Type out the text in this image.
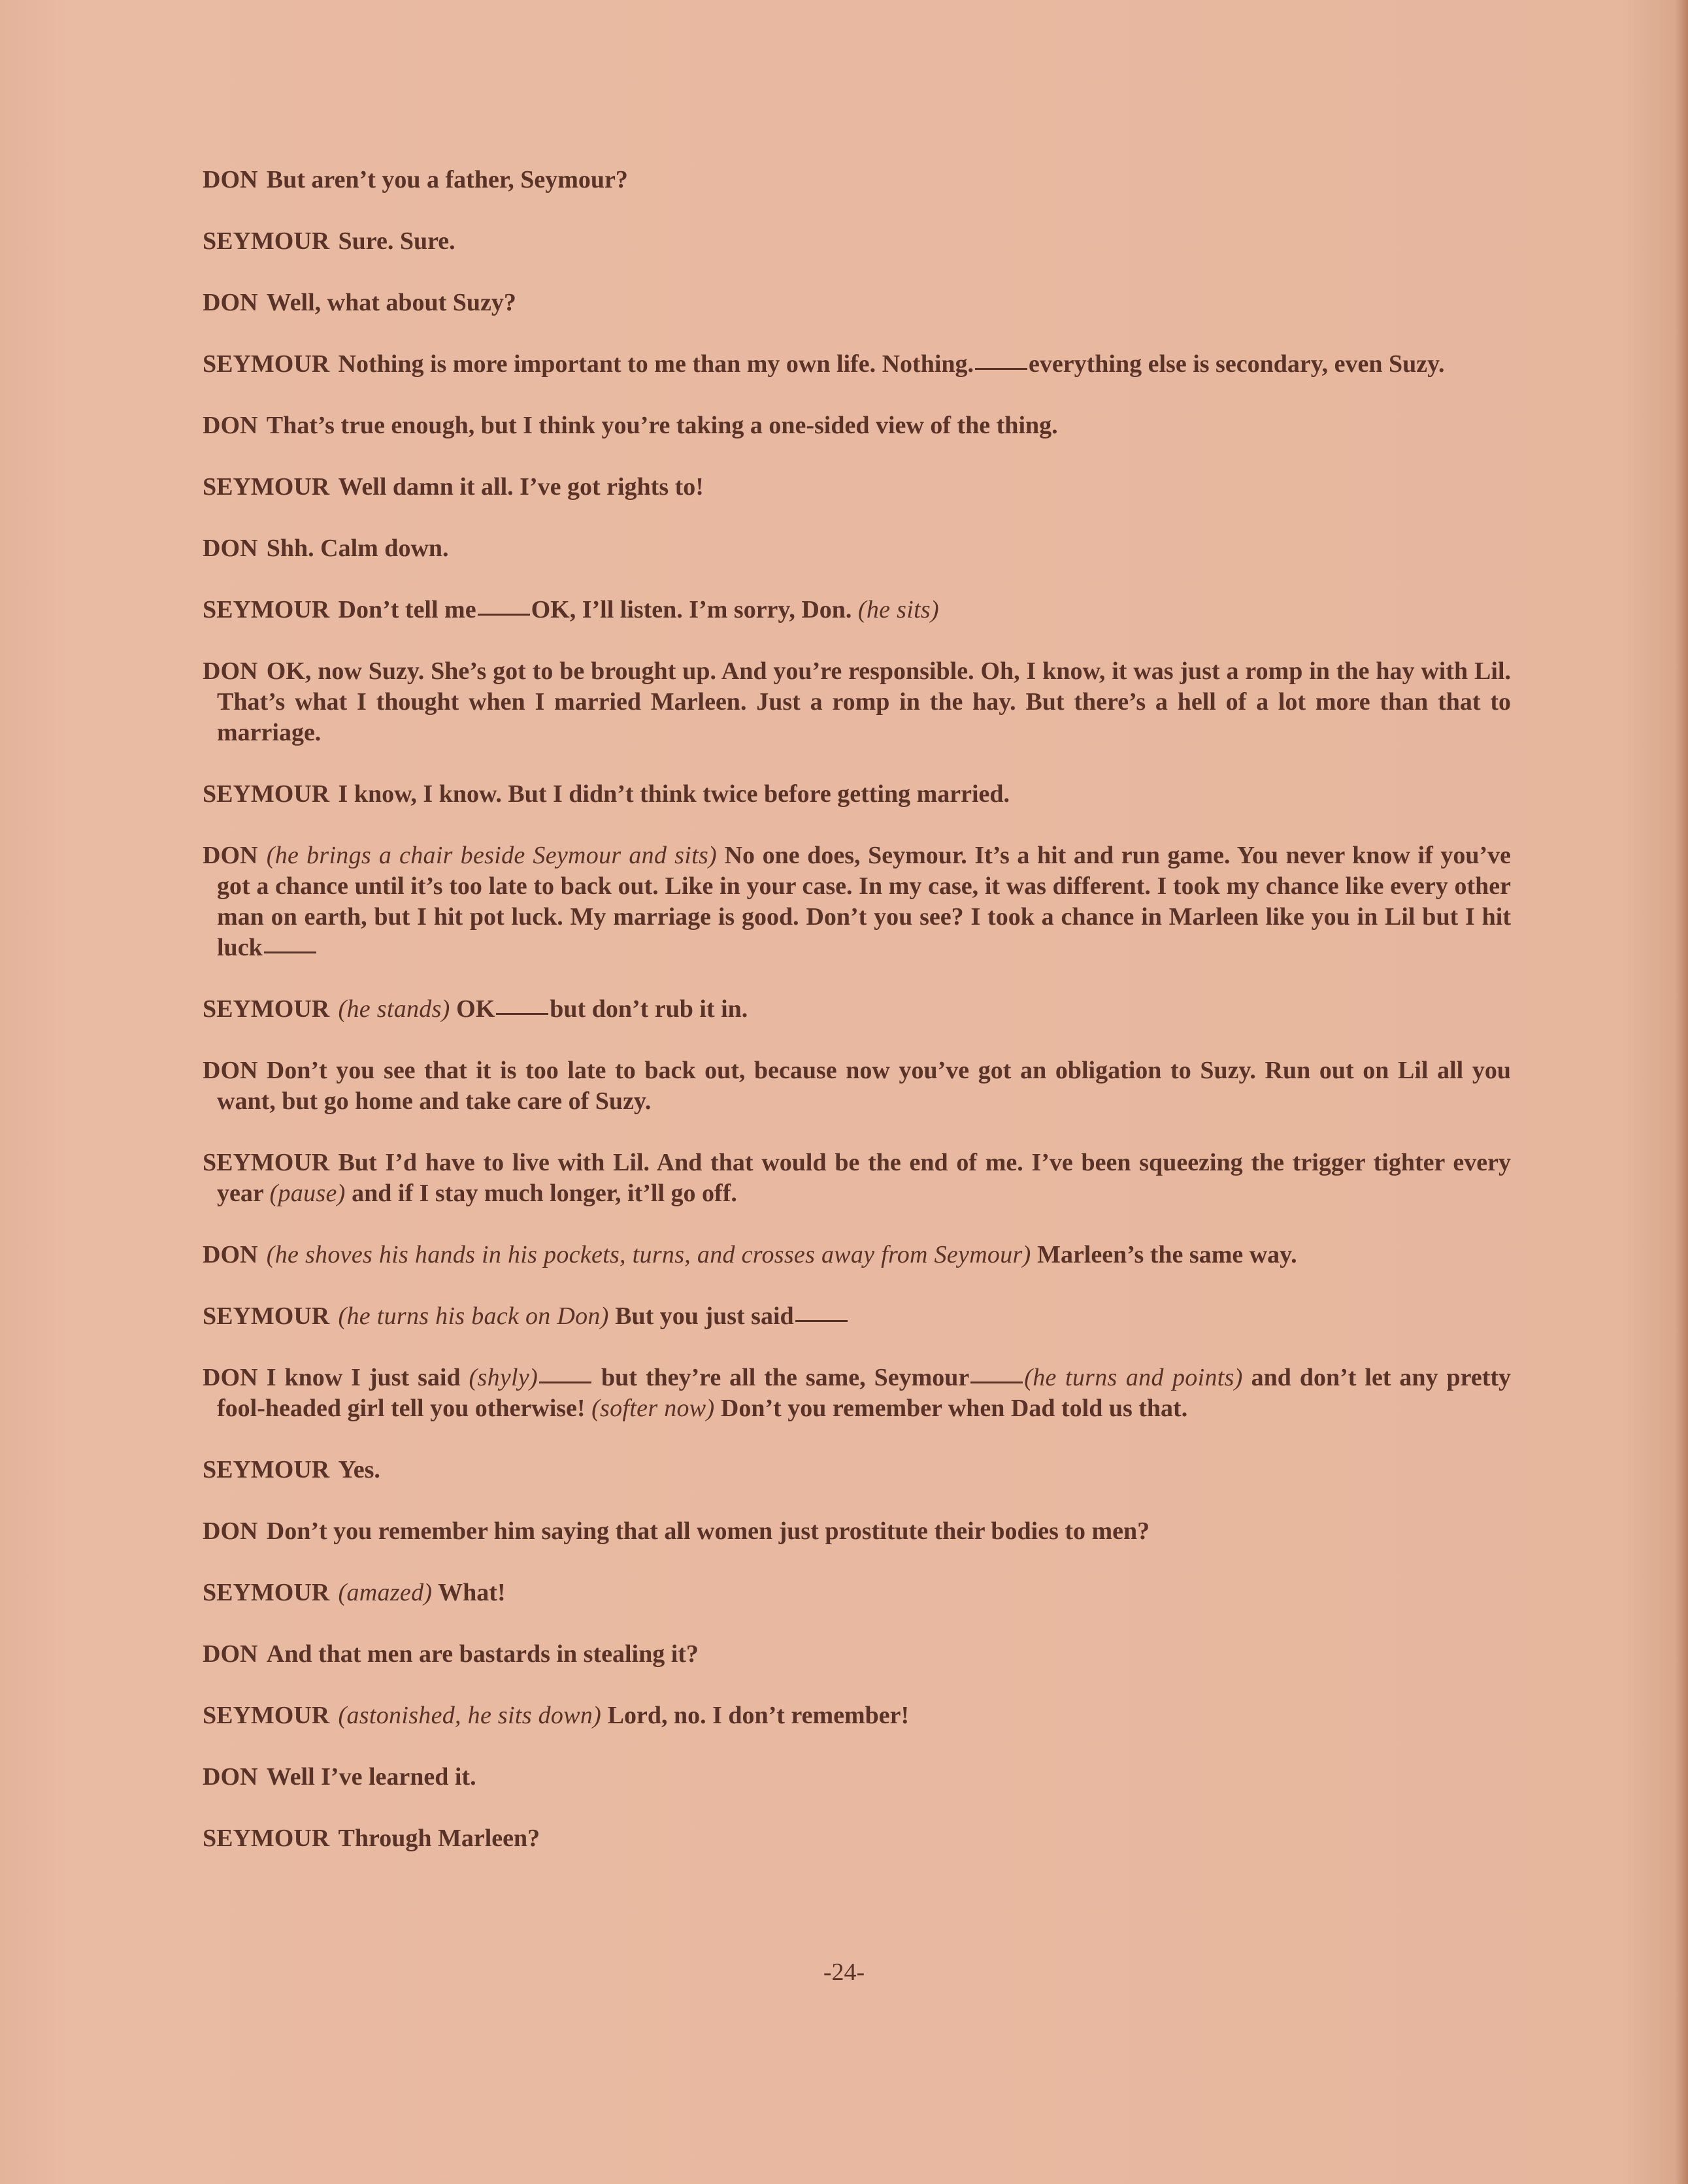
DON But aren’t you a father, Seymour?
SEYMOUR Sure. Sure.
DON Well, what about Suzy?
SEYMOUR Nothing is more important to me than my own life. Nothing. everything else is secondary, even Suzy.
DON That’s true enough, but I think you’re taking a one-sided view of the thing.
SEYMOUR Well damn it all. I’ve got rights to!
DON Shh. Calm down.
SEYMOUR Don’t tell me OK, I’ll listen. I’m sorry, Don. (he sits)
DON OK, now Suzy. She’s got to be brought up. And you’re responsible. Oh, I know, it was just a romp in the hay with Lil. That’s what I thought when I married Marleen. Just a romp in the hay. But there’s a hell of a lot more than that to marriage.
SEYMOUR I know, I know. But I didn’t think twice before getting married.
DON (he brings a chair beside Seymour and sits) No one does, Seymour. It’s a hit and run game. You never know if you’ve got a chance until it’s too late to back out. Like in your case. In my case, it was different. I took my chance like every other man on earth, but I hit pot luck. My marriage is good. Don’t you see? I took a chance in Marleen like you in Lil but I hit luck
SEYMOUR (he stands) OK but don’t rub it in.
DON Don’t you see that it is too late to back out, because now you’ve got an obligation to Suzy. Run out on Lil all you want, but go home and take care of Suzy.
SEYMOUR But I’d have to live with Lil. And that would be the end of me. I’ve been squeezing the trigger tighter every year (pause) and if I stay much longer, it’ll go off.
DON (he shoves his hands in his pockets, turns, and crosses away from Seymour) Marleen’s the same way.
SEYMOUR (he turns his back on Don) But you just said
DON I know I just said (shyly) but they’re all the same, Seymour (he turns and points) and don’t let any pretty fool-headed girl tell you otherwise! (softer now) Don’t you remember when Dad told us that.
SEYMOUR Yes.
DON Don’t you remember him saying that all women just prostitute their bodies to men?
SEYMOUR (amazed) What!
DON And that men are bastards in stealing it?
SEYMOUR (astonished, he sits down) Lord, no. I don’t remember!
DON Well I’ve learned it.
SEYMOUR Through Marleen?
-24-
